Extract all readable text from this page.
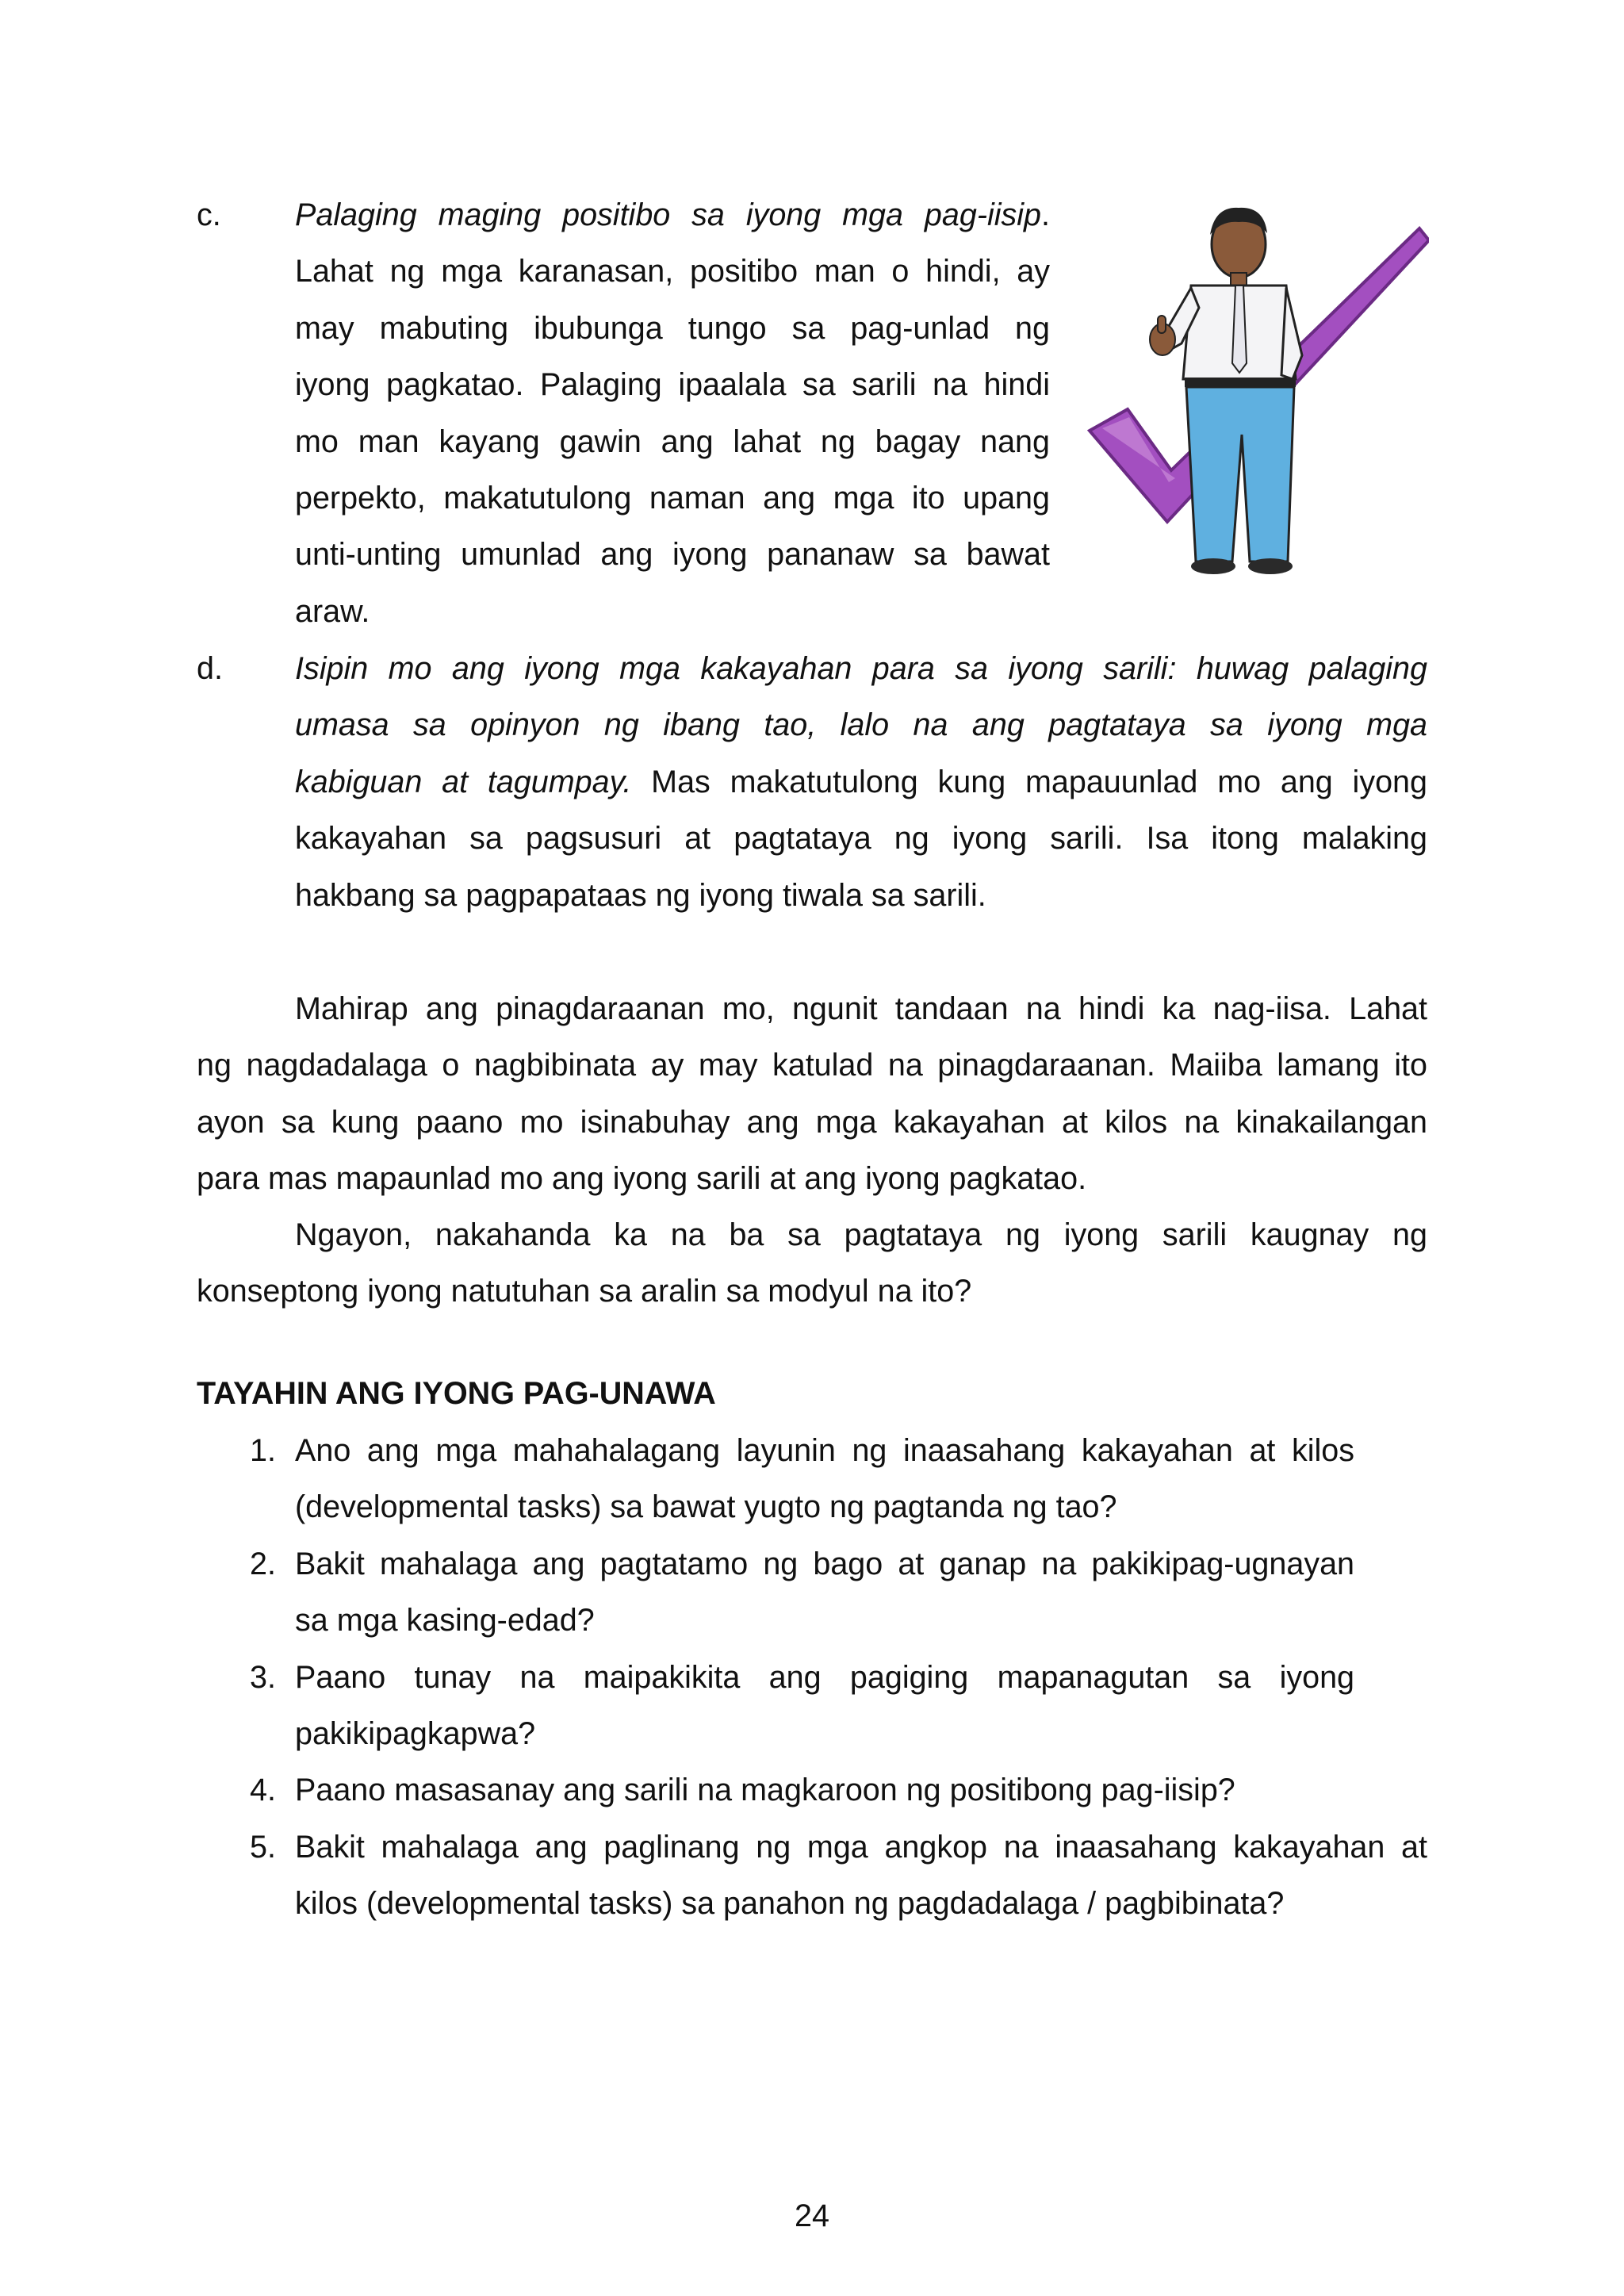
c. Palaging maging positibo sa iyong mga pag-iisip.
Lahat ng mga karanasan, positibo man o hindi, ay
may mabuting ibubunga tungo sa pag-unlad ng
iyong pagkatao. Palaging ipaalala sa sarili na hindi
mo man kayang gawin ang lahat ng bagay nang
perpekto, makatutulong naman ang mga ito upang
unti-unting umunlad ang iyong pananaw sa bawat
araw.
d. Isipin mo ang iyong mga kakayahan para sa iyong sarili: huwag palaging
umasa sa opinyon ng ibang tao, lalo na ang pagtataya sa iyong mga
kabiguan at tagumpay. Mas makatutulong kung mapauunlad mo ang iyong
kakayahan sa pagsusuri at pagtataya ng iyong sarili. Isa itong malaking
hakbang sa pagpapataas ng iyong tiwala sa sarili.
Mahirap ang pinagdaraanan mo, ngunit tandaan na hindi ka nag-iisa. Lahat
ng nagdadalaga o nagbibinata ay may katulad na pinagdaraanan. Maiiba lamang ito
ayon sa kung paano mo isinabuhay ang mga kakayahan at kilos na kinakailangan
para mas mapaunlad mo ang iyong sarili at ang iyong pagkatao.
Ngayon, nakahanda ka na ba sa pagtataya ng iyong sarili kaugnay ng
konseptong iyong natutuhan sa aralin sa modyul na ito?
TAYAHIN ANG IYONG PAG-UNAWA
1. Ano ang mga mahahalagang layunin ng inaasahang kakayahan at kilos
(developmental tasks) sa bawat yugto ng pagtanda ng tao?
2. Bakit mahalaga ang pagtatamo ng bago at ganap na pakikipag-ugnayan
sa mga kasing-edad?
3. Paano tunay na maipakikita ang pagiging mapanagutan sa iyong
pakikipagkapwa?
4. Paano masasanay ang sarili na magkaroon ng positibong pag-iisip?
5. Bakit mahalaga ang paglinang ng mga angkop na inaasahang kakayahan at
kilos (developmental tasks) sa panahon ng pagdadalaga / pagbibinata?
24
